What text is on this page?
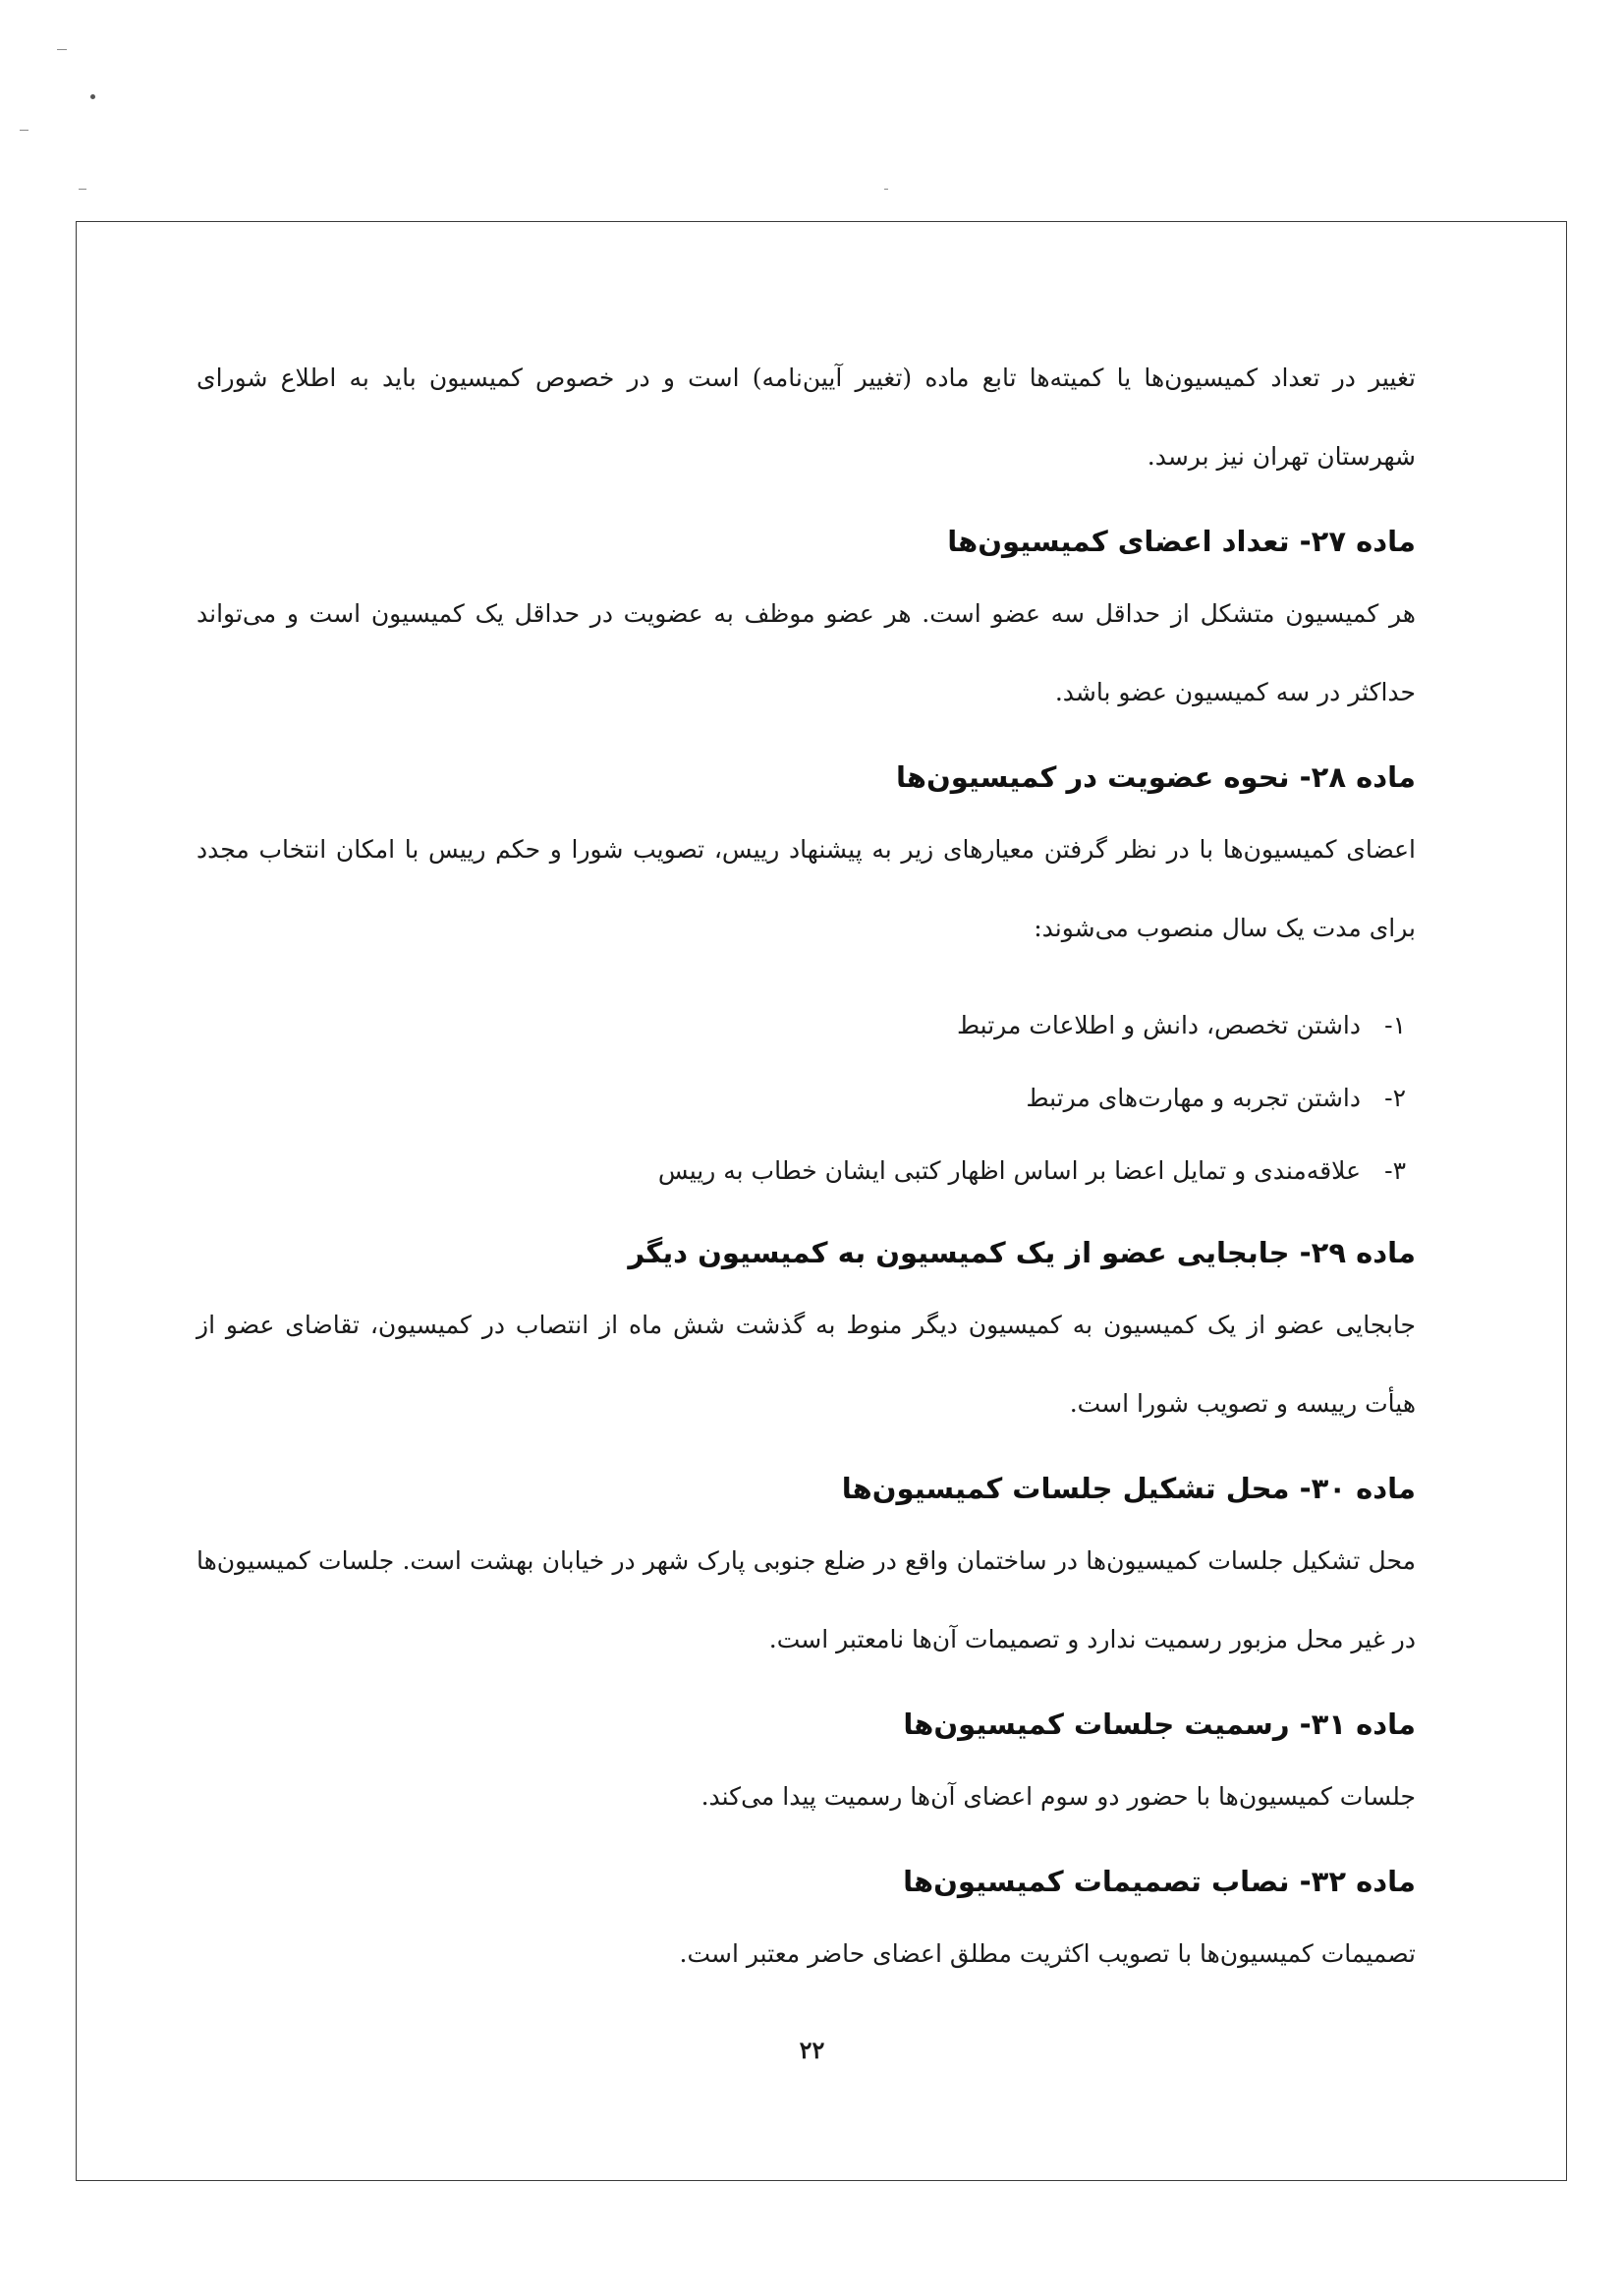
تغییر در تعداد کمیسیون‌ها یا کمیته‌ها تابع ماده (تغییر آیین‌نامه) است و در خصوص کمیسیون باید به اطلاع شورای شهرستان تهران نیز برسد.

ماده ۲۷- تعداد اعضای کمیسیون‌ها

هر کمیسیون متشکل از حداقل سه عضو است. هر عضو موظف به عضویت در حداقل یک کمیسیون است و می‌تواند حداکثر در سه کمیسیون عضو باشد.

ماده ۲۸- نحوه عضویت در کمیسیون‌ها

اعضای کمیسیون‌ها با در نظر گرفتن معیارهای زیر به پیشنهاد رییس، تصویب شورا و حکم رییس با امکان انتخاب مجدد برای مدت یک سال منصوب می‌شوند:

۱-داشتن تخصص، دانش و اطلاعات مرتبط
۲-داشتن تجربه و مهارت‌های مرتبط
۳-علاقه‌مندی و تمایل اعضا بر اساس اظهار کتبی ایشان خطاب به رییس
ماده ۲۹- جابجایی عضو از یک کمیسیون به کمیسیون دیگر

جابجایی عضو از یک کمیسیون به کمیسیون دیگر منوط به گذشت شش ماه از انتصاب در کمیسیون، تقاضای عضو از هیأت رییسه و تصویب شورا است.

ماده ۳۰- محل تشکیل جلسات کمیسیون‌ها

محل تشکیل جلسات کمیسیون‌ها در ساختمان واقع در ضلع جنوبی پارک شهر در خیابان بهشت است. جلسات کمیسیون‌ها در غیر محل مزبور رسمیت ندارد و تصمیمات آن‌ها نامعتبر است.

ماده ۳۱- رسمیت جلسات کمیسیون‌ها

جلسات کمیسیون‌ها با حضور دو سوم اعضای آن‌ها رسمیت پیدا می‌کند.

ماده ۳۲- نصاب تصمیمات کمیسیون‌ها

تصمیمات کمیسیون‌ها با تصویب اکثریت مطلق اعضای حاضر معتبر است.

۲۲
